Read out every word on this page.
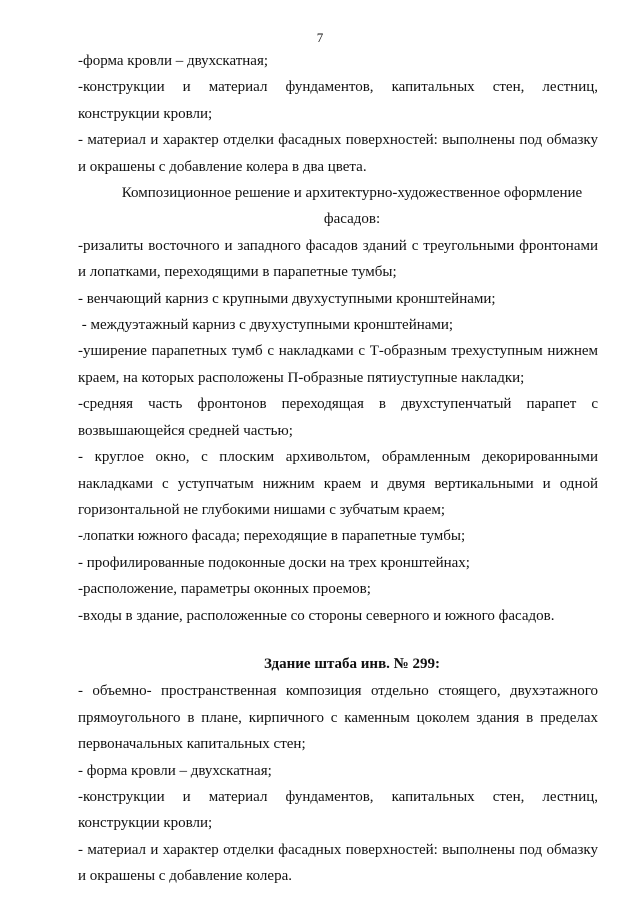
7
-форма кровли – двухскатная;
-конструкции и материал фундаментов, капитальных стен, лестниц,
конструкции кровли;
- материал и характер отделки фасадных поверхностей: выполнены под обмазку
и окрашены с добавление колера в два цвета.
Композиционное решение и архитектурно-художественное оформление
фасадов:
-ризалиты восточного и западного фасадов зданий с треугольными фронтонами
и лопатками, переходящими в парапетные тумбы;
- венчающий карниз с крупными двухуступными кронштейнами;
- междуэтажный карниз с двухуступными кронштейнами;
-уширение парапетных тумб с накладками с Т-образным трехуступным нижнем
краем, на которых расположены П-образные пятиуступные накладки;
-средняя часть фронтонов переходящая в двухступенчатый парапет с
возвышающейся средней частью;
- круглое окно, с плоским архивольтом, обрамленным декорированными
накладками с уступчатым нижним краем и двумя вертикальными и одной
горизонтальной не глубокими нишами с зубчатым краем;
-лопатки южного фасада; переходящие в парапетные тумбы;
- профилированные подоконные доски на трех кронштейнах;
-расположение, параметры оконных проемов;
-входы в здание, расположенные со стороны северного и южного фасадов.
Здание штаба инв. № 299:
- объемно- пространственная композиция отдельно стоящего, двухэтажного
прямоугольного в плане, кирпичного с каменным цоколем здания в пределах
первоначальных капитальных стен;
- форма кровли – двухскатная;
-конструкции и материал фундаментов, капитальных стен, лестниц,
конструкции кровли;
- материал и характер отделки фасадных поверхностей: выполнены под обмазку
и окрашены с добавление колера.
